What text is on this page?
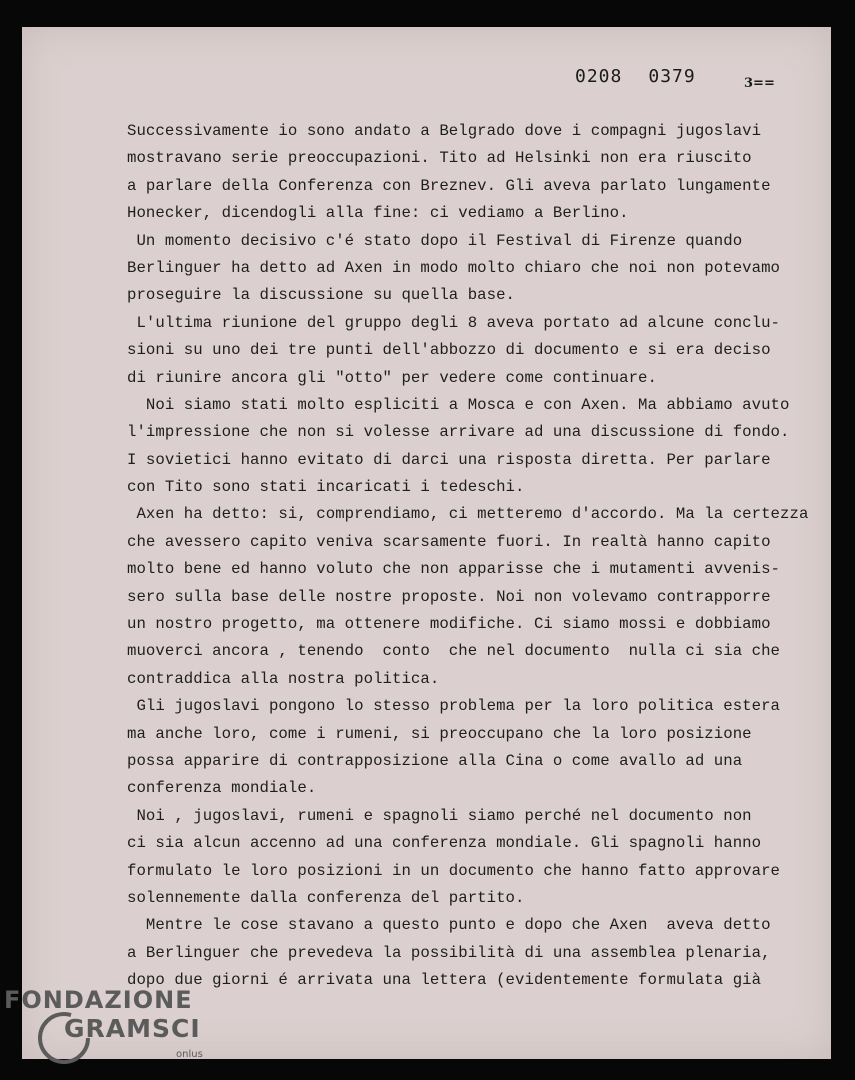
0208 0379	3==
Successivamente io sono andato a Belgrado dove i compagni jugoslavi
mostravano serie preoccupazioni. Tito ad Helsinki non era riuscito
a parlare della Conferenza con Breznev. Gli aveva parlato lungamente
Honecker, dicendogli alla fine: ci vediamo a Berlino.
Un momento decisivo c'é stato dopo il Festival di Firenze quando
Berlinguer ha detto ad Axen in modo molto chiaro che noi non potevamo
proseguire la discussione su quella base.
L'ultima riunione del gruppo degli 8 aveva portato ad alcune conclu-
sioni su uno dei tre punti dell'abbozzo di documento e si era deciso
di riunire ancora gli "otto" per vedere come continuare.
Noi siamo stati molto espliciti a Mosca e con Axen. Ma abbiamo avuto
l'impressione che non si volesse arrivare ad una discussione di fondo.
I sovietici hanno evitato di darci una risposta diretta. Per parlare
con Tito sono stati incaricati i tedeschi.
Axen ha detto: si, comprendiamo, ci metteremo d'accordo. Ma la certezza
che avessero capito veniva scarsamente fuori. In realtà hanno capito
molto bene ed hanno voluto che non apparisse che i mutamenti avvenis-
sero sulla base delle nostre proposte. Noi non volevamo contrapporre
un nostro progetto, ma ottenere modifiche. Ci siamo mossi e dobbiamo
muoverci ancora , tenendo  conto  che nel documento  nulla ci sia che
contraddica alla nostra politica.
Gli jugoslavi pongono lo stesso problema per la loro politica estera
ma anche loro, come i rumeni, si preoccupano che la loro posizione
possa apparire di contrapposizione alla Cina o come avallo ad una
conferenza mondiale.
Noi , jugoslavi, rumeni e spagnoli siamo perché nel documento non
ci sia alcun accenno ad una conferenza mondiale. Gli spagnoli hanno
formulato le loro posizioni in un documento che hanno fatto approvare
solennemente dalla conferenza del partito.
Mentre le cose stavano a questo punto e dopo che Axen  aveva detto
a Berlinguer che prevedeva la possibilità di una assemblea plenaria,
dopo due giorni é arrivata una lettera (evidentemente formulata già
FONDAZIONE
GRAMSCI
onlus
